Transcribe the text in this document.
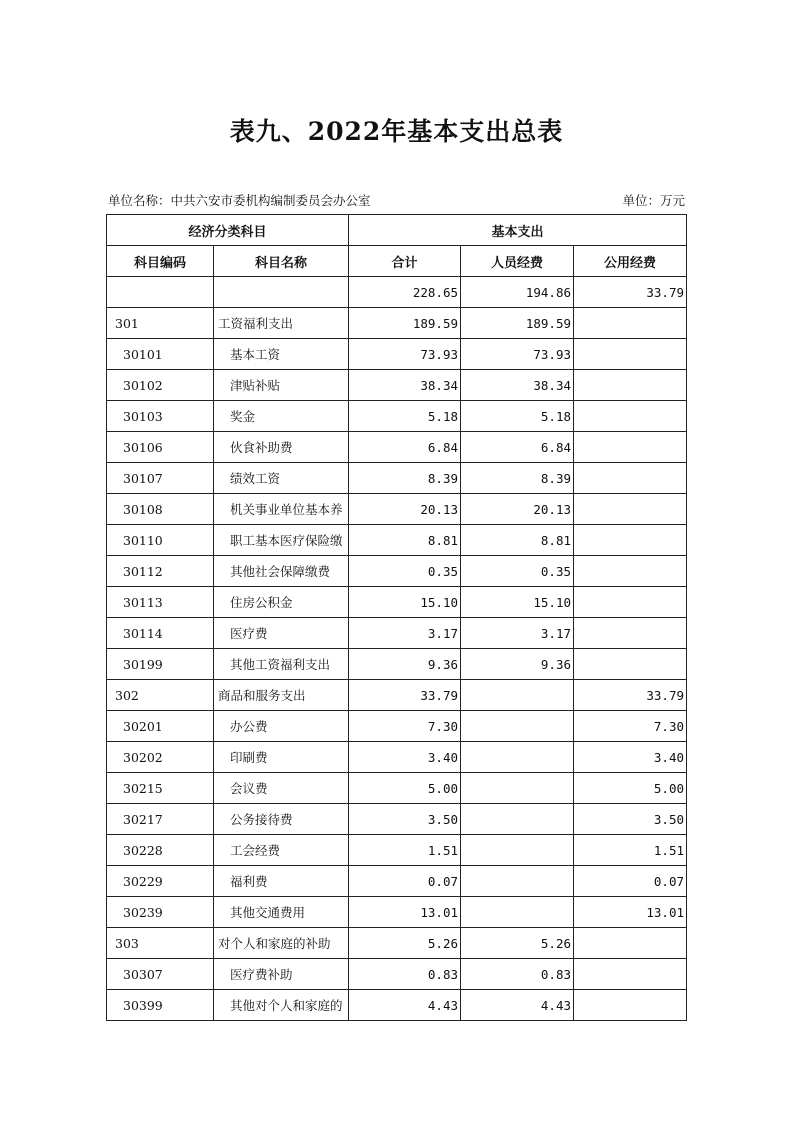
表九、2022年基本支出总表
单位名称：中共六安市委机构编制委员会办公室	单位：万元
经济分类科目		基本支出		
科目编码	科目名称	合计	人员经费	公用经费
		228.65	194.86	33.79
301	工资福利支出	189.59	189.59	
30101	基本工资	73.93	73.93	
30102	津贴补贴	38.34	38.34	
30103	奖金	5.18	5.18	
30106	伙食补助费	6.84	6.84	
30107	绩效工资	8.39	8.39	
30108	机关事业单位基本养	20.13	20.13	
30110	职工基本医疗保险缴	8.81	8.81	
30112	其他社会保障缴费	0.35	0.35	
30113	住房公积金	15.10	15.10	
30114	医疗费	3.17	3.17	
30199	其他工资福利支出	9.36	9.36	
302	商品和服务支出	33.79		33.79
30201	办公费	7.30		7.30
30202	印刷费	3.40		3.40
30215	会议费	5.00		5.00
30217	公务接待费	3.50		3.50
30228	工会经费	1.51		1.51
30229	福利费	0.07		0.07
30239	其他交通费用	13.01		13.01
303	对个人和家庭的补助	5.26	5.26	
30307	医疗费补助	0.83	0.83	
30399	其他对个人和家庭的	4.43	4.43	
